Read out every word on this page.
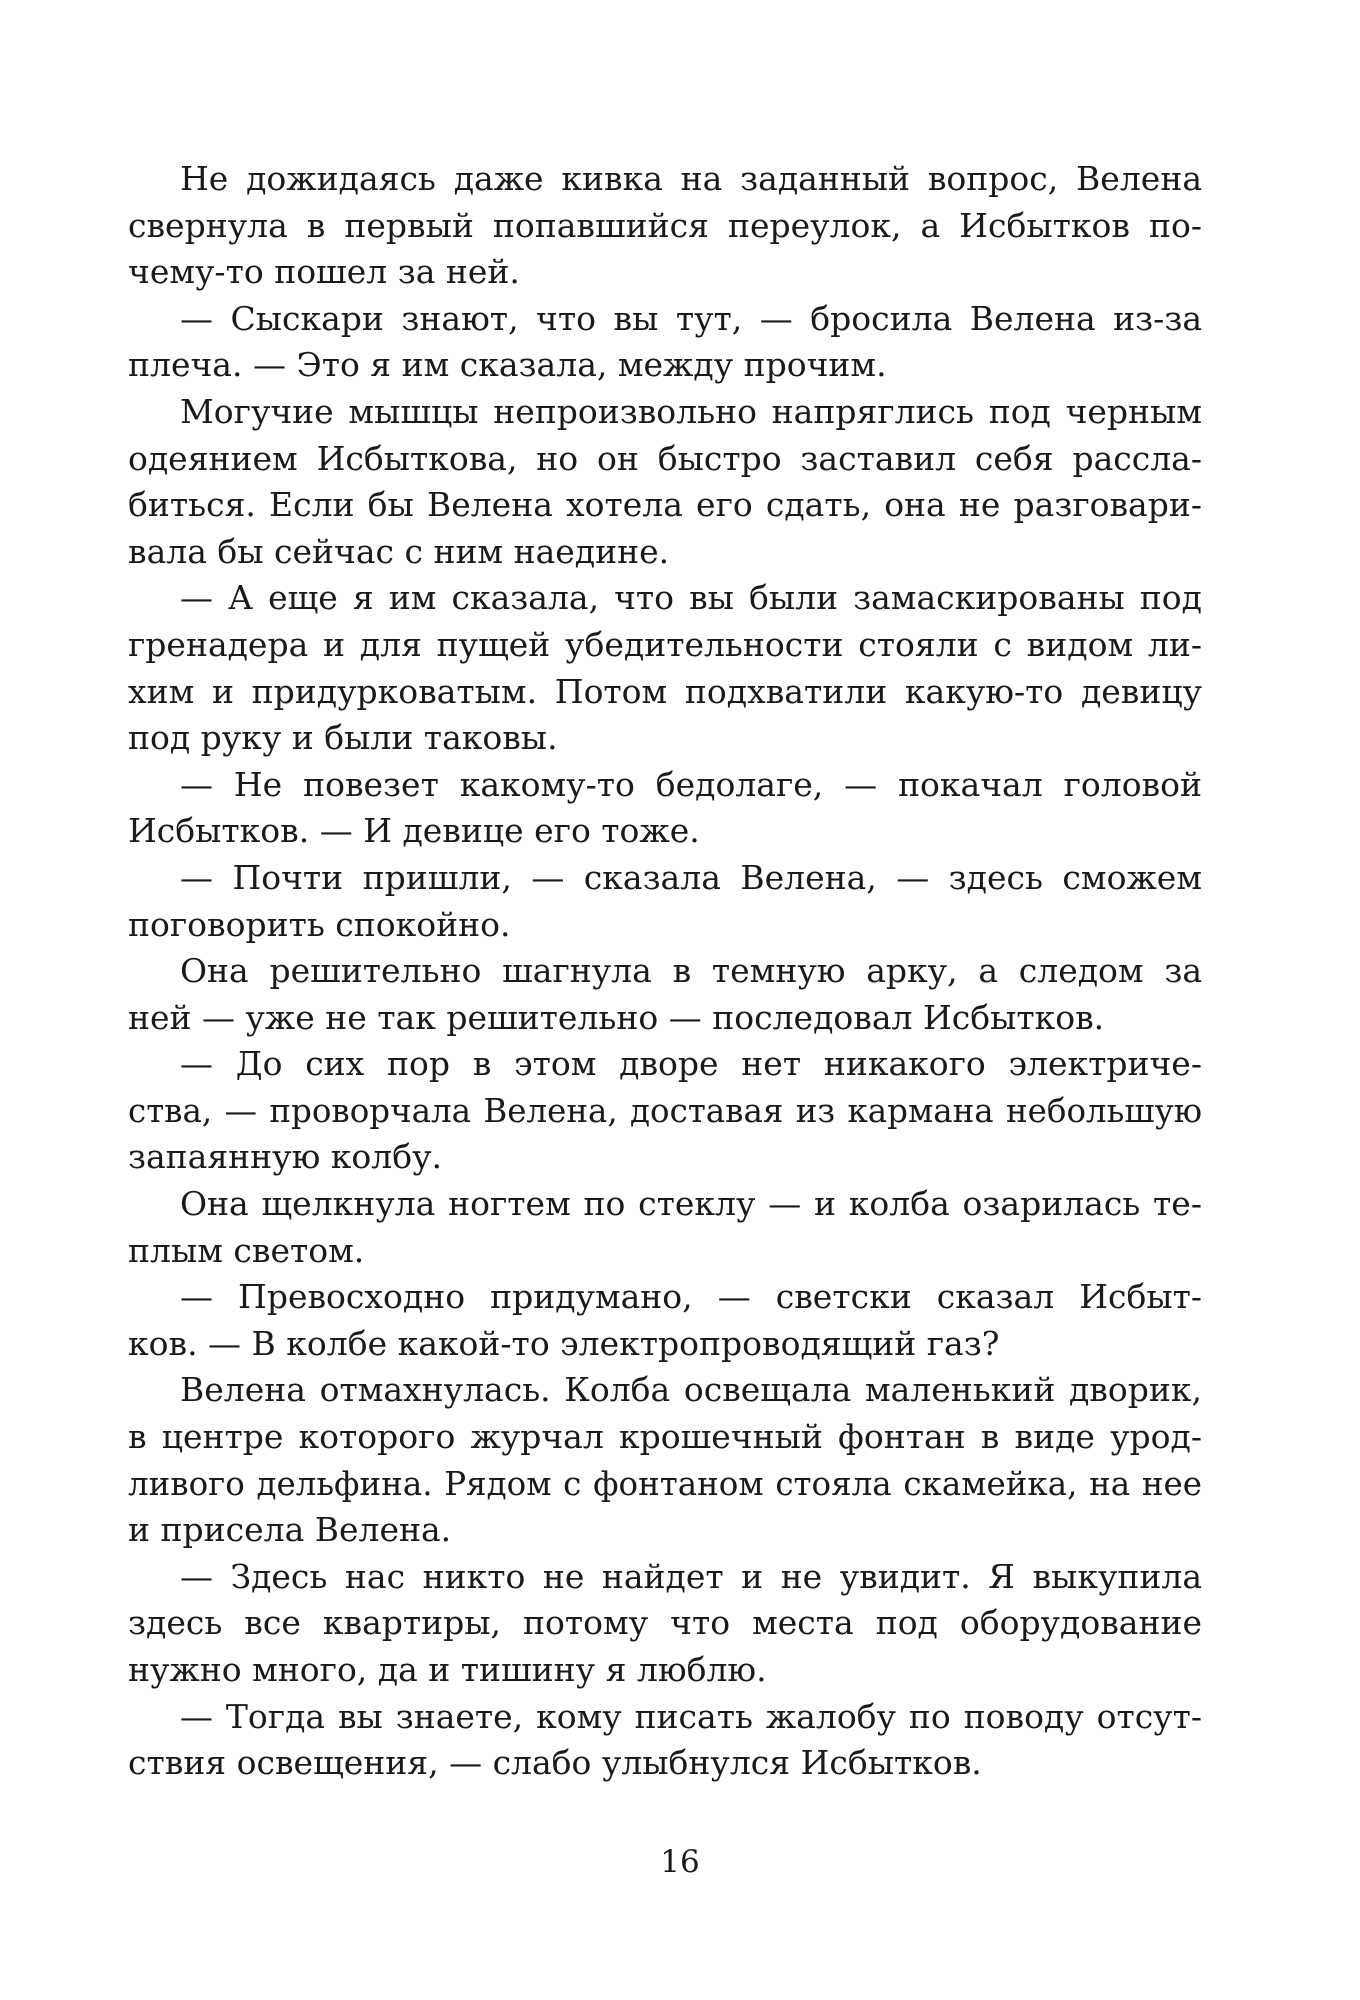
Не дожидаясь даже кивка на заданный вопрос, Велена
свернула в первый попавшийся переулок, а Исбытков по-
чему-то пошел за ней.
— Сыскари знают, что вы тут, — бросила Велена из-за
плеча. — Это я им сказала, между прочим.
Могучие мышцы непроизвольно напряглись под черным
одеянием Исбыткова, но он быстро заставил себя рассла-
биться. Если бы Велена хотела его сдать, она не разговари-
вала бы сейчас с ним наедине.
— А еще я им сказала, что вы были замаскированы под
гренадера и для пущей убедительности стояли с видом ли-
хим и придурковатым. Потом подхватили какую-то девицу
под руку и были таковы.
— Не повезет какому-то бедолаге, — покачал головой
Исбытков. — И девице его тоже.
— Почти пришли, — сказала Велена, — здесь сможем
поговорить спокойно.
Она решительно шагнула в темную арку, а следом за
ней — уже не так решительно — последовал Исбытков.
— До сих пор в этом дворе нет никакого электриче-
ства, — проворчала Велена, доставая из кармана небольшую
запаянную колбу.
Она щелкнула ногтем по стеклу — и колба озарилась те-
плым светом.
— Превосходно придумано, — светски сказал Исбыт-
ков. — В колбе какой-то электропроводящий газ?
Велена отмахнулась. Колба освещала маленький дворик,
в центре которого журчал крошечный фонтан в виде урод-
ливого дельфина. Рядом с фонтаном стояла скамейка, на нее
и присела Велена.
— Здесь нас никто не найдет и не увидит. Я выкупила
здесь все квартиры, потому что места под оборудование
нужно много, да и тишину я люблю.
— Тогда вы знаете, кому писать жалобу по поводу отсут-
ствия освещения, — слабо улыбнулся Исбытков.
16
